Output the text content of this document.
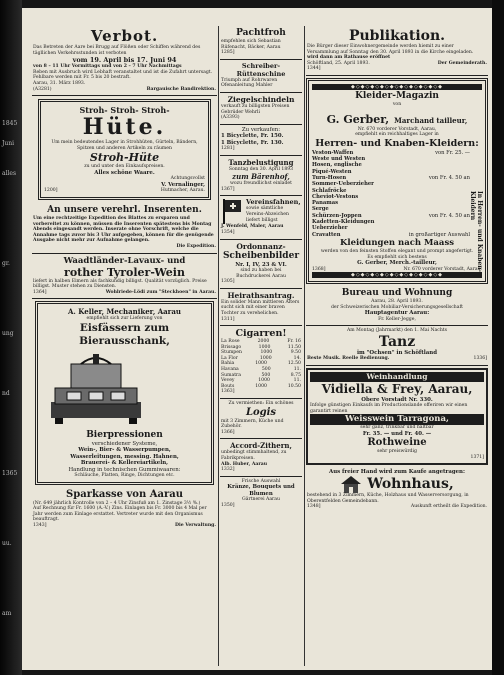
1845
Juni
alles
gr.
ung
nd
1365
uu.
am
Verbot.
Das Betreten der Aare bei Brugg auf Flößen oder Schiffen während des tägllichen Verkehrsstunden ist verboten
vom 19. April bis 17. Juni 94
von 8 – 11 Uhr Vormittags und von 2 – 7 Uhr Nachmittags
Reben mit Ausbruch wird Lebhaft veranstaltet und ist die Zufahrt untersagt. Fehlbare werden mit Fr. 5 bis 20 bestraft.
Aarau, 31. März 1893.
(A3281)	Bargauische Bandirektion.
Stroh- Stroh- Stroh-
Hüte.
Um mein bedeutendes Lager in Strohhüten, Gürteln, Bändern, Spitzen und anderen Artikeln zu räumen
Stroh-Hüte
zu und unter den Einkaufspreisen.
Alles schöne Waare.
Achtungsvollst
V. Vernalinger,
1200]	Hutmacher, Aarau.
An unsere verehrl. Inserenten.
Um eine rechtzeitige Expedition des Blattes zu ersparen und vorbereitet zu können, müssen die Inserenten spätestens bis Montag Abends eingesandt werden. Inserate ohne Vorschrift, welche die Annahme tags zuvor bis 3 Uhr aufgegeben, können für die genügende Ausgabe nicht mehr zur Aufnahme gelangen.
Die Expedition.
Waadtländer-Lavaux- und
rother Tyroler-Wein
liefert in halben Eimern als fachkundig billigst. Qualität vorzüglich. Preise billigst. Muster stehen zu Diensten.
1364]	Wohlriede-Lödi zum "Steckhoen" in Aarau.
A. Keller, Mechaniker, Aarau
empfiehlt sich zur Lieferung von
Eisfässern zum Bierausschank,
Bierpressionen
verschiedener Systeme,
Wein-, Bier- & Wasserpumpen,
Wasserleitungen, messing. Hahnen,
Brauerei- & Kellereiartikeln,
Handlung in technischen Gummiwaaren:
Schläuche, Platten, Ringe, Dichtungen etc.
Sparkasse von Aarau
(Nr. 649 jährlich Kontrolle von 2 – 4 Uhr Zinsfuß am 1. Zinstage 3½ %.)
Auf Rechnung für Fr. 1600 (A.-V.) Zins. Einlagen bis Fr. 3000 bis 4 Mal per Jahr werden zum Einlage erstattet. Vertreter wurde mit den Organismus beauftragt.
1343]	Die Verwaltung.
Pachtfroh
empfehlen sich Sebastian Rüfenacht, Bäcker, Aarau
1285]
Schreiber-Rüttenschine
Triumph auf Rohrwaren Ofenanleitung Mahler
Ziegelschindeln
verkauft zu billigsten Preisen Gebrüder Wehrli
(A3393)
Zu verkaufen:
1 Bicyclette, Fr. 150.
1 Bicyclette, Fr. 130.
1281]
Tanzbelustigung
Sonntag den 30. April 1893
zum Bärenhof,
wozu freundlichst einladet
1367]
Vereinsfahnen,
sowie sämtliche Vereins-Abzeichen liefert billigst
J. Wenfeld, Maler, Aarau
1354]
Ordonnanz-
Scheibenbilder
Nr. I, IV, 23 & VI.
sind zu haben bei
Buchdruckerei Aarau
1305]
Heirathsantrag.
Ein solider Mann mittleren Alters sucht sich mit einer braven Tochter zu verehelichen.
1311]
Cigarren!
La Rose	2000	Fr. 16
Brissago	1000	11.50
Stumpen	1000	9.50
La Flor	1000	14.
Bahia	1000	12.50
Havana	500	11.
Sumatra	500	8.75
Vevey	1000	11.
Bouts	1000	10.50
1363]
Zu vermiethen: Ein schönes
Logis
mit 3 Zimmern, Küche und Zubehör.
1366]
Accord-Zithern,
unbedingt stimmhaltend, zu Fabrikpreisen.
Alb. Huber, Aarau
1332]
Frische Auswahl
Kränze, Bouquets und Blumen
Gärtnerei Aarau
1350]
Publikation.
Die Bürger dieser Einwohnergemeinde werden hiemit zu einer Versammlung auf Sonntag den 30. April 1893 in die Kirche eingeladen.
wird dann am Rathause eröffnet
Schöftland, 25. April 1893.	Der Gemeinderath.
1344]
◆◇◆◇◆◇◆◇◆◇◆◇◆◇◆◇◆◇◆
Kleider-Magazin
von
G. Gerber, Marchand tailleur,
Nr. 670 vorderer Vorstadt, Aarau,
empfiehlt ein reichhaltiges Lager in
Herren- und Knaben-Kleidern:
Veston-Waffen	von Fr. 25. —
Weste und Westen
Hosen, englische
Piqué-Westen
Turn-Hosen	von Fr. 4. 50 an
Sommer-Ueberzieher
Schlafröcke
Cheviot-Vestons
Panamas
Serge
Schürzen-Joppen	von Fr. 4. 50 an
Kadetten-Kleidungen
Ueberzieher
Cravatten	in großartiger Auswahl
Kleidungen nach Maass
werden von den feinsten Stoffen elegant und prompt angefertigt.
Es empfiehlt sich bestens
G. Gerber, Merch.-tailleur,
1368]	Nr. 670 vorderer Vorstadt, Aarau.
In Herren- und Knaben-Kleidern
◆◇◆◇◆◇◆◇◆◇◆◇◆◇◆◇◆◇◆
Bureau und Wohnung
Aarau, 28. April 1893.
der Schweizerischen Mobiliar-Versicherungsgesellschaft
Hauptagentur Aarau:
Fr. Keller-Jegge,
Am Montag (Jahrmarkt) den 1. Mai Nachts
Tanz
im "Ochsen" in Schöftland
Beste Musik. Reelle Bedienung.	1336]
Weinhandlung
Vidiella & Frey, Aarau,
Obere Vorstadt Nr. 330.
Infolge günstigen Einkaufs im Productionslande offeriren wir einen garantirt reinen
Weisswein Tarragona,
sehr ganz, trinkbar und haltbar
Fr. 35. — und Fr. 40. —
Rothweine
sehr preiswürdig
1371]
Aus freier Hand wird zum Kaufe angetragen:
Wohnhaus,
bestehend in 3 Zimmern, Küche, Holzhaus und Wasserversorgung, in Oberentfelden Gemeindebann.
1348]	Auskunft ertheilt die Expedition.
